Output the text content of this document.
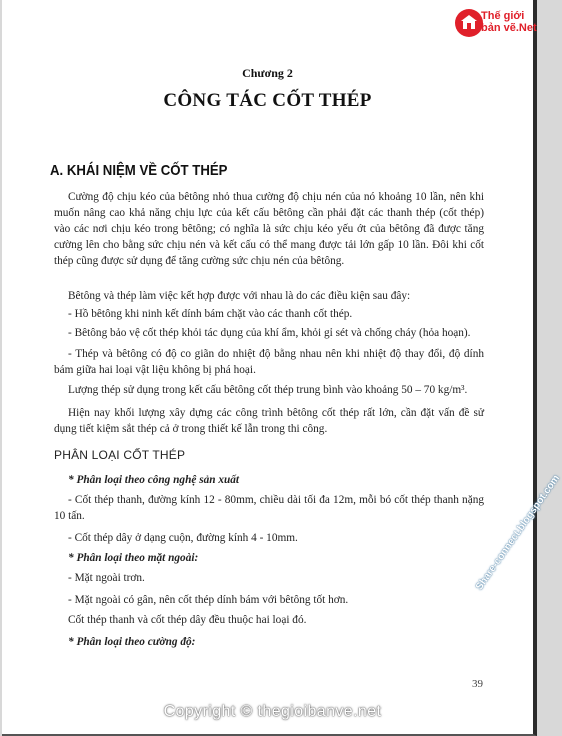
Thế giới
bản vẽ.Net
Chương 2
CÔNG TÁC CỐT THÉP
A. KHÁI NIỆM VỀ CỐT THÉP

Cường độ chịu kéo của bêtông nhỏ thua cường độ chịu nén của nó khoảng 10 lần, nên khi muốn nâng cao khả năng chịu lực của kết cấu bêtông cần phải đặt các thanh thép (cốt thép) vào các nơi chịu kéo trong bêtông; có nghĩa là sức chịu kéo yếu ớt của bêtông đã được tăng cường lên cho bằng sức chịu nén và kết cấu có thể mang được tải lớn gấp 10 lần. Đôi khi cốt thép cũng được sử dụng để tăng cường sức chịu nén của bêtông.

Bêtông và thép làm việc kết hợp được với nhau là do các điều kiện sau đây:

- Hồ bêtông khi ninh kết dính bám chặt vào các thanh cốt thép.

- Bêtông bảo vệ cốt thép khỏi tác dụng của khí ẩm, khỏi gỉ sét và chống cháy (hỏa hoạn).

- Thép và bêtông có độ co giãn do nhiệt độ bằng nhau nên khi nhiệt độ thay đổi, độ dính bám giữa hai loại vật liệu không bị phá hoại.

Lượng thép sử dụng trong kết cấu bêtông cốt thép trung bình vào khoảng 50 – 70 kg/m³.

Hiện nay khối lượng xây dựng các công trình bêtông cốt thép rất lớn, cần đặt vấn đề sử dụng tiết kiệm sắt thép cả ở trong thiết kế lẫn trong thi công.

PHÂN LOẠI CỐT THÉP

* Phân loại theo công nghệ sản xuất

- Cốt thép thanh, đường kính 12 - 80mm, chiều dài tối đa 12m, mỗi bó cốt thép thanh nặng 10 tấn.

- Cốt thép dây ở dạng cuộn, đường kính 4 - 10mm.

* Phân loại theo mặt ngoài:

- Mặt ngoài trơn.

- Mặt ngoài có gân, nên cốt thép dính bám với bêtông tốt hơn.

Cốt thép thanh và cốt thép dây đều thuộc hai loại đó.

* Phân loại theo cường độ:

39
Share-connect.blogspot.com
Copyright © thegioibanve.net
